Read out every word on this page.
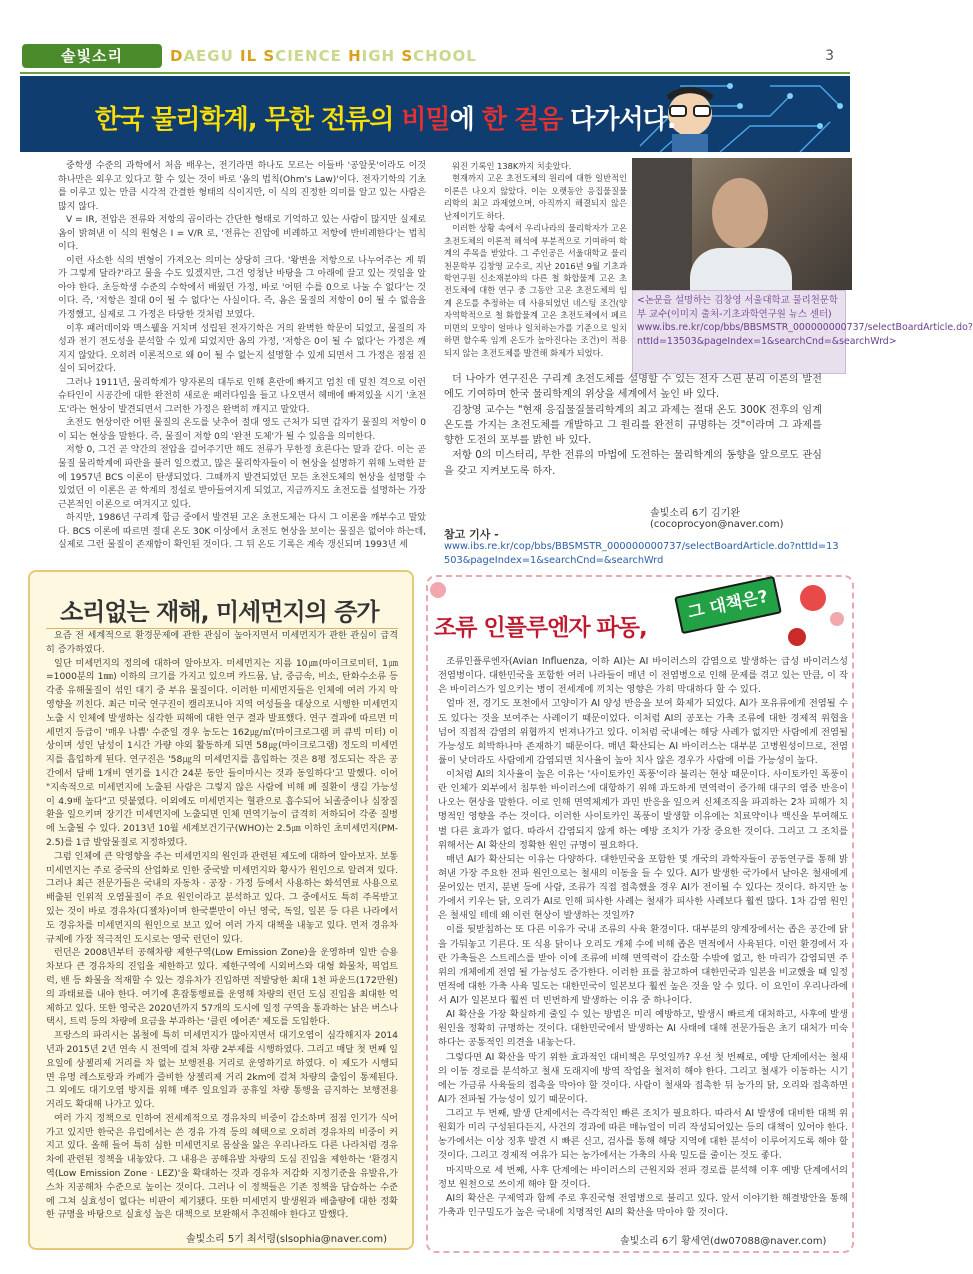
솔빛소리	DAEGU IL SCIENCE HIGH SCHOOL	3
한국 물리학계, 무한 전류의 비밀에 한 걸음 다가서다.

중학생 수준의 과학에서 처음 배우는, 전기라면 하나도 모르는 이들바 '공알못'이라도 이것 하나만은 외우고 있다고 할 수 있는 것이 바로 '옴의 법칙(Ohm's Law)'이다. 전자기학의 기초를 이루고 있는 만큼 시각적 간결한 형태의 식이지만, 이 식의 진정한 의미를 알고 있는 사람은 많지 않다.

V = IR, 전압은 전류와 저항의 곱이라는 간단한 형태로 기억하고 있는 사람이 많지만 실제로 옴이 밝혀낸 이 식의 원형은 I = V/R 로, '전류는 진압에 비례하고 저항에 반비례한다'는 법칙이다.

이런 사소한 식의 변형이 가져오는 의미는 상당히 크다. '왕변을 저항으로 나누어주는 게 뭐가 그렇게 달라?'라고 물을 수도 있겠지만, 그건 엉청난 바탕을 그 아래에 끌고 있는 것임을 알아야 한다. 초등학생 수준의 수학에서 배웠던 가정, 바로 '어떤 수를 0으로 나눌 수 없다'는 것이다. 즉, '저항은 절대 0이 될 수 없다'는 사실이다. 즉, 옴은 물질의 저항이 0이 될 수 없음을 가정했고, 실제로 그 가정은 타당한 것처럼 보였다.

이후 패러데이와 맥스웰을 거치며 성립된 전자기학은 거의 완벽한 학문이 되었고, 물질의 자성과 전기 전도성을 분석할 수 있게 되었지만 옴의 가정, '저항은 0이 될 수 없다'는 가정은 깨지지 않았다. 오히려 이론적으로 왜 0이 될 수 없는지 설명할 수 있게 되면서 그 가정은 점점 진실이 되어갔다.

그러나 1911년, 물리학계가 양자론의 대두로 인해 혼란에 빠지고 엄친 데 덮친 격으로 이런 슈타인이 시공간에 대한 완전히 새로운 패러다임을 들고 나오면서 헤매에 빠져있을 시기 '초전도'라는 현상이 발견되면서 그러한 가정은 완벽히 깨지고 말았다.

초전도 현상이란 어떤 물질의 온도를 낮추어 절대 영도 근처가 되면 갑자기 물질의 저항이 0이 되는 현상을 말한다. 즉, 물질이 저항 0의 '완전 도체'가 될 수 있음을 의미한다.

저항 0, 그건 곧 약간의 전압을 걸어주기만 해도 전류가 무한정 흐른다는 말과 같다. 이는 곧 물질 물리학계에 파란을 불러 일으켰고, 많은 물리학자들이 이 현상을 설명하기 위해 노력한 끝에 1957년 BCS 이론이 탄생되었다. 그때까지 발견되었던 모든 초전도체의 현상을 설명할 수 있었던 이 이론은 곧 학계의 정설로 받아들여지게 되었고, 지금까지도 초전도를 설명하는 가장 근본적인 이론으로 여겨지고 있다.

하지만, 1986년 구리계 합금 중에서 발견된 고온 초전도체는 다시 그 이론을 깨부수고 말았다. BCS 이론에 따르면 절대 온도 30K 이상에서 초전도 현상을 보이는 물질은 없어야 하는데, 실제로 그런 물질이 존재함이 확인된 것이다. 그 뒤 온도 기록은 계속 갱신되며 1993년 세

워진 기록인 138K까지 치솟았다.

현재까지 고온 초전도체의 원리에 대한 일반적인 이론은 나오지 않았다. 이는 오랫동안 응집물질물리학의 최고 과제였으며, 아직까지 해결되지 않은 난제이기도 하다.

이러한 상황 속에서 우리나라의 물리학자가 고온 초전도체의 이론적 해석에 부분적으로 기여하여 학계의 주목을 받았다. 그 주인공은 서울대학교 물리천문학부 김창영 교수로, 지난 2016년 9월 기초과학연구원 신소재분야의 다른 철 화합물계 고온 초전도체에 대한 연구 중 그동안 고온 초전도체의 임계 온도를 추정하는 데 사용되었던 네스팅 조건(양자역학적으로 철 화합물계 고온 초전도체에서 페르미면의 모양이 얼마나 일치하는가를 기준으로 일치하면 할수록 임계 온도가 높아진다는 조건)이 적용되지 않는 초전도체를 발견해 화제가 되었다.

<논문을 설명하는 김창영 서울대학교 물리천문학부 교수(이미지 출처-기초과학연구원 뉴스 센터) www.ibs.re.kr/cop/bbs/BBSMSTR_000000000737/selectBoardArticle.do?nttId=13503&pageIndex=1&searchCnd=&searchWrd>

더 나아가 연구진은 구리계 초전도체를 설명할 수 있는 전자 스핀 분리 이론의 발전에도 기여하며 한국 물리학계의 위상을 세계에서 높인 바 있다.

김창영 교수는 "현재 응집물질물리학계의 최고 과제는 절대 온도 300K 전후의 임계 온도를 가지는 초전도체를 개발하고 그 원리를 완전히 규명하는 것"이라며 그 과제를 향한 도전의 포부를 밝힌 바 있다.

저항 0의 미스터리, 무한 전류의 마법에 도전하는 물리학계의 동향을 앞으로도 관심을 갖고 지켜보도록 하자.

솔빛소리 6기 김기완(cocoprocyon@naver.com)
참고 기사 -
www.ibs.re.kr/cop/bbs/BBSMSTR_000000000737/selectBoardArticle.do?nttId=13503&pageIndex=1&searchCnd=&searchWrd
소리없는 재해, 미세먼지의 증가

요즘 전 세계적으로 환경문제에 관한 관심이 높아지면서 미세먼지가 관한 관심이 급격히 증가하였다.

일단 미세먼지의 정의에 대하여 알아보자. 미세먼지는 지름 10㎛(마이크로미터, 1㎛=1000분의 1㎜) 이하의 크기를 가지고 있으며 카드뮴, 납, 중금속, 비소, 탄화수소류 등 각종 유해물질이 섞인 대기 중 부유 물질이다. 이러한 미세먼지들은 인체에 여러 가지 악영향을 끼친다. 최근 미국 연구진이 캘리포니아 지역 여성들을 대상으로 시행한 미세먼지 노출 시 인체에 발생하는 심각한 피해에 대한 연구 결과 발표했다. 연구 결과에 따르면 미세먼지 등급이 '매우 나쁨' 수준일 경우 농도는 162㎍/㎥(마이크로그램 퍼 큐빅 미터) 이상이며 성인 남성이 1시간 가량 야외 활동하게 되면 58㎍(마이크로그램) 정도의 미세먼지를 흡입하게 된다. 연구진은 '58㎍의 미세먼지를 흡입하는 것은 8평 정도되는 작은 공간에서 담배 1개비 연기를 1시간 24분 동안 들이마시는 것과 동일하다'고 말했다. 이어 "지속적으로 미세먼지에 노출된 사람은 그렇지 않은 사람에 비해 폐 질환이 생길 가능성이 4.9배 높다"고 덧붙였다. 이외에도 미세먼지는 혈관으로 흡수되어 뇌졸중이나 심장질환을 일으키며 장기간 미세먼지에 노출되면 인체 면역기능이 급격히 저하되어 각종 질병에 노출될 수 있다. 2013년 10월 세계보건기구(WHO)는 2.5㎛ 이하인 초미세먼지(PM-2.5)를 1급 발암물질로 지정하였다.

그럼 인체에 큰 악영향을 주는 미세먼지의 원인과 관련된 제도에 대하여 알아보자. 보통 미세먼지는 주로 중국의 산업화로 인한 중국발 미세먼지와 황사가 원인으로 알려져 있다. 그러나 최근 전문가들은 국내의 자동차 · 공장 · 가정 등에서 사용하는 화석연료 사용으로 배출된 인위적 오염물질이 주요 원인이라고 분석하고 있다. 그 중에서도 특히 주목받고 있는 것이 바로 경유차(디젤차)이며 한국뿐만이 아닌 영국, 독일, 일본 등 다른 나라에서도 경유차를 미세먼지의 원인으로 보고 있어 여러 가지 대책을 내놓고 있다. 먼저 경유차 규제에 가장 적극적인 도시로는 영국 런던이 있다.

런던은 2008년부터 공해차량 제한구역(Low Emission Zone)을 운영하며 일반 승용차보다 큰 경유차의 진입을 제한하고 있다. 제한구역에 시외버스와 대형 화물차, 픽업트럭, 밴 등 화물을 적재할 수 있는 경유차가 진입하면 적발당한 최대 1천 파운드(172만원)의 과태료를 내야 한다. 여기에 혼잡통행료를 운영해 차량의 런던 도심 진입을 최대한 억제하고 있다. 또한 영국은 2020년까지 57개의 도시에 일정 구역을 통과하는 낡은 버스나 택시, 트럭 등의 차량에 요금을 부과하는 '클린 에어존' 제도를 도입한다.

프랑스의 파리시는 봄철에 특히 미세먼지가 많아지면서 대기오염이 심각해지자 2014년과 2015년 2년 연속 시 전역에 걸쳐 차량 2부제를 시행하였다. 그리고 매달 첫 번째 일요일에 상젤리제 거리를 차 없는 보행전용 거리로 운영하기로 하였다. 이 제도가 시행되면 유명 레스토랑과 카페가 즐비한 상젤리제 거리 2km에 걸쳐 차량의 출입이 통제된다. 그 외에도 대기오염 방지를 위해 매주 일요일과 공휴일 차량 통행을 금지하는 보행전용 거리도 확대해 나가고 있다.

여러 가지 정책으로 인하여 전세계적으로 경유차의 비중이 감소하며 점점 인기가 식어가고 있지만 한국은 유럽에서는 쓴 경유 가격 등의 혜택으로 오히려 경유차의 비중이 커지고 있다. 올해 들어 특히 심한 미세먼지로 몸살을 앓은 우리나라도 다른 나라처럼 경유차에 관련된 정책을 내놓았다. 그 내용은 공해유발 차량의 도심 진입을 제한하는 '환경지역(Low Emission Zone · LEZ)'을 확대하는 것과 경유차 저감화 지정기준을 유발유,가스차 지공해차 수준으로 높이는 것이다. 그러나 이 정책들은 기존 정책을 답습하는 수준에 그쳐 실효성이 없다는 비판이 제기됐다. 또한 미세먼지 발생원과 배출량에 대한 정확한 규명을 바탕으로 실효성 높은 대책으로 보완해서 추진해야 한다고 말했다.

솔빛소리 5기 최서령(slsophia@naver.com)
조류 인플루엔자 파동,
그 대책은?

조류인플루엔자(Avian Influenza, 이하 AI)는 AI 바이러스의 감염으로 발생하는 급성 바이러스성 전염병이다. 대한민국을 포함한 여러 나라들이 매년 이 전염병으로 인해 문제를 겪고 있는 만큼, 이 작은 바이러스가 일으키는 병이 전세계에 끼치는 영향은 가히 막대하다 할 수 있다.

얼마 전, 경기도 포천에서 고양이가 AI 양성 반응을 보여 화제가 되었다. AI가 포유류에게 전염될 수도 있다는 것을 보여주는 사례이기 때문이었다. 이처럼 AI의 공포는 가축 조류에 대한 경제적 위협을 넘어 직접적 감염의 위협까지 번져나가고 있다. 이처럼 국내에는 해당 사례가 없지만 사람에게 전염될 가능성도 희박하나마 존재하기 때문이다. 매년 확산되는 AI 바이러스는 대부분 고병원성이므로, 전염률이 낮더라도 사람에게 감염되면 치사율이 높아 치사 않은 경우가 사람에 이를 가능성이 높다.

이처럼 AI의 치사율이 높은 이유는 '사이토카인 폭풍'이라 불리는 현상 때문이다. 사이토카인 폭풍이란 인체가 외부에서 침투한 바이러스에 대항하기 위해 과도하게 면역력이 증가해 대구의 염증 반응이 나오는 현상을 말한다. 이로 인해 면역체계가 과민 반응을 일으켜 신체조직을 파괴하는 2차 피해가 치명적인 영향을 주는 것이다. 이러한 사이토카인 폭풍이 발생할 이유에는 치료약이나 백신을 투여해도 별 다른 효과가 없다. 따라서 감염되지 않게 하는 예방 조치가 가장 중요한 것이다. 그리고 그 조치를 위해서는 AI 확산의 정확한 원인 규명이 필요하다.

매년 AI가 확산되는 이유는 다양하다. 대한민국을 포함한 몇 개국의 과학자들이 공동연구를 통해 밝혀낸 가장 주요한 전파 원인으로는 철새의 이동을 들 수 있다. AI가 발생한 국가에서 날아온 철새에게 묻어있는 먼지, 분변 등에 사람, 조류가 직접 접촉했을 경우 AI가 전이될 수 있다는 것이다. 하지만 농가에서 키우는 닭, 오리가 AI로 인해 피사한 사례는 철새가 피사한 사례보다 훨씬 많다. 1차 감염 원인은 철새일 테데 왜 이런 현상이 발생하는 것일까?

이를 뒷받침하는 또 다른 이유가 국내 조류의 사육 환경이다. 대부분의 양계장에서는 좁은 공간에 닭을 가둬놓고 기른다. 또 식용 닭이나 오리도 개체 수에 비해 좁은 면적에서 사육된다. 이런 환경에서 자란 가축들은 스트레스를 받아 이에 조류에 비해 면역력이 감소할 수밖에 없고, 한 마리가 감염되면 주위의 개체에게 전염 될 가능성도 증가한다. 이러한 표를 참고하여 대한민국과 일본을 비교했을 때 일정 면적에 대한 가축 사육 밀도는 대한민국이 일본보다 훨씬 높은 것을 알 수 있다. 이 요인이 우리나라에서 AI가 일본보다 훨씬 더 빈번하게 발생하는 이유 중 하나이다.

AI 확산을 가장 확실하게 줄일 수 있는 방법은 미리 예방하고, 발생시 빠르게 대처하고, 사후에 발생 원인을 정확히 규명하는 것이다. 대한민국에서 발생하는 AI 사태에 대해 전문가들은 초기 대처가 미숙하다는 공통적인 의견을 내놓는다.

그렇다면 AI 확산을 막기 위한 효과적인 대비책은 무엇일까? 우선 첫 번째로, 예방 단계에서는 철새의 이동 경로를 분석하고 철새 도래지에 방역 작업을 철저히 해야 한다. 그리고 철새가 이동하는 시기에는 가금류 사육들의 접촉을 막아야 할 것이다. 사람이 철새와 접촉한 뒤 농가의 닭, 오리와 접촉하면 AI가 전파될 가능성이 있기 때문이다.

그리고 두 번째, 발생 단계에서는 즉각적인 빠른 조치가 필요하다. 따라서 AI 발생에 대비한 대책 위원회가 미리 구성된다든지, 사건의 경과에 따른 매뉴얼이 미리 작성되어있는 등의 대책이 있어야 한다. 농가에서는 이상 징후 발견 시 빠른 신고, 검사를 통해 해당 지역에 대한 분석이 이루어지도록 해야 할 것이다. 그리고 경제적 여유가 되는 농가에서는 가축의 사육 밀도를 줄이는 것도 좋다.

마지막으로 세 번째, 사후 단계에는 바이러스의 근원지와 전파 경로를 분석해 이후 예방 단계에서의 정보 원천으로 쓰이게 해야 할 것이다.

AI의 확산은 구제역과 함께 주로 후진국형 전염병으로 불리고 있다. 앞서 이야기한 해결방안을 통해 가축과 인구밀도가 높은 국내에 치명적인 AI의 확산을 막아야 할 것이다.

솔빛소리 6기 황세연(dw07088@naver.com)
